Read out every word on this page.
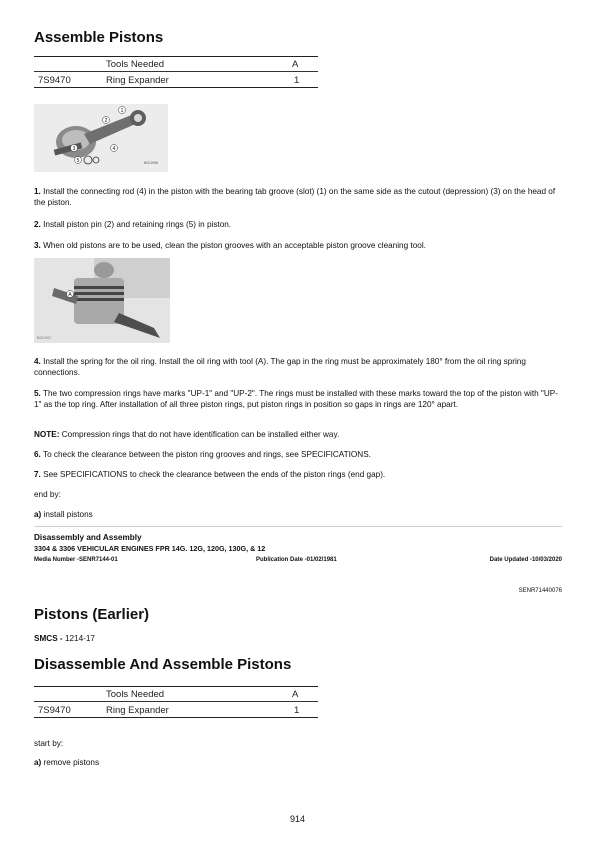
Assemble Pistons
Tools Needed	A
7S9470	Ring Expander	1
1
2
3	4
5	B021996

1. Install the connecting rod (4) in the piston with the bearing tab groove (slot) (1) on the same side as the cutout (depression) (3) on the head of the piston.

2. Install piston pin (2) and retaining rings (5) in piston.

3. When old pistons are to be used, clean the piston grooves with an acceptable piston groove cleaning tool.

A
B021997

4. Install the spring for the oil ring. Install the oil ring with tool (A). The gap in the ring must be approximately 180° from the oil ring spring connections.

5. The two compression rings have marks "UP-1" and "UP-2". The rings must be installed with these marks toward the top of the piston with "UP-1" as the top ring. After installation of all three piston rings, put piston rings in position so gaps in rings are 120° apart.

NOTE: Compression rings that do not have identification can be installed either way.

6. To check the clearance between the piston ring grooves and rings, see SPECIFICATIONS.

7. See SPECIFICATIONS to check the clearance between the ends of the piston rings (end gap).

end by:

a) install pistons

Disassembly and Assembly
3304 & 3306 VEHICULAR ENGINES FPR 14G. 12G, 120G, 130G, & 12
Media Number -SENR7144-01	Publication Date -01/02/1981	Date Updated -10/03/2020
SENR71440076
Pistons (Earlier)
SMCS - 1214-17
Disassemble And Assemble Pistons
Tools Needed	A
7S9470	Ring Expander	1

start by:

a) remove pistons

914
